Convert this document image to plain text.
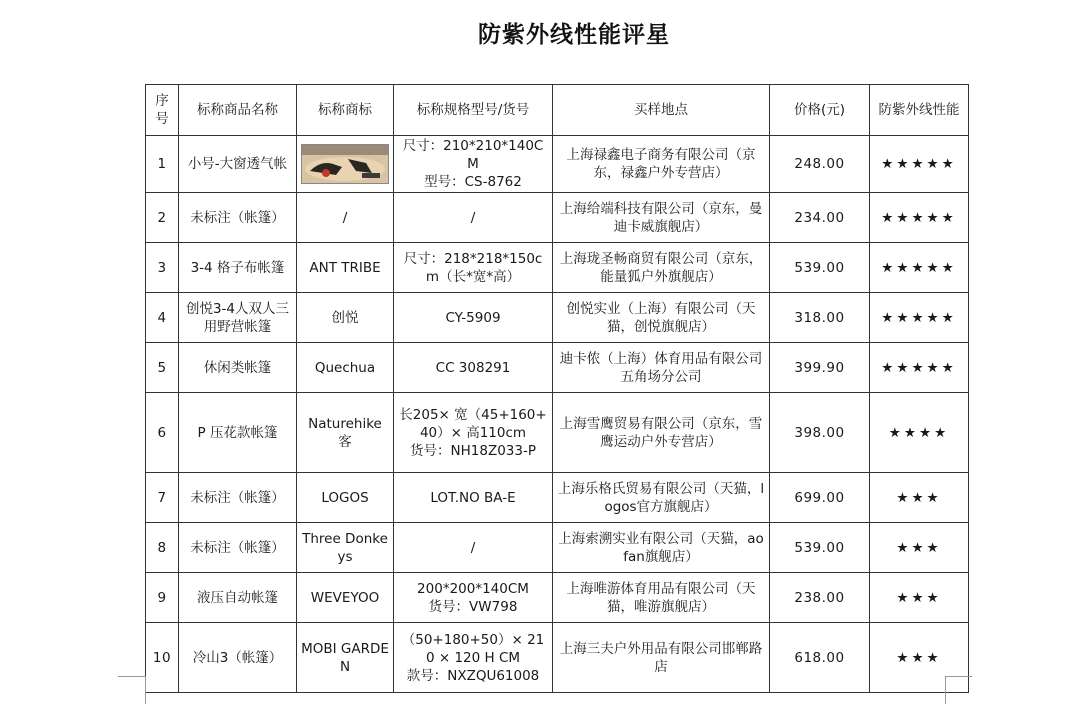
防紫外线性能评星
序号	标称商品名称	标称商标	标称规格型号/货号	买样地点	价格(元)	防紫外线性能
1	小号-大窗透气帐		尺寸：210*210*140CM
型号：CS-8762	上海禄鑫电子商务有限公司（京东，禄鑫户外专营店）	248.00	★★★★★
2	未标注（帐篷）	/	/	上海给端科技有限公司（京东，曼迪卡威旗舰店）	234.00	★★★★★
3	3-4 格子布帐篷	ANT TRIBE	尺寸：218*218*150cm（长*宽*高）	上海珑圣畅商贸有限公司（京东，能量狐户外旗舰店）	539.00	★★★★★
4	创悦3-4人双人三用野营帐篷	创悦	CY-5909	创悦实业（上海）有限公司（天猫，创悦旗舰店）	318.00	★★★★★
5	休闲类帐篷	Quechua	CC 308291	迪卡侬（上海）体育用品有限公司五角场分公司	399.90	★★★★★
6	P 压花款帐篷	Naturehike 客	长205× 宽（45+160+40）× 高110cm
货号：NH18Z033-P	上海雪鹰贸易有限公司（京东，雪鹰运动户外专营店）	398.00	★★★★
7	未标注（帐篷）	LOGOS	LOT.NO BA-E	上海乐格氏贸易有限公司（天猫，logos官方旗舰店）	699.00	★★★
8	未标注（帐篷）	Three Donkeys	/	上海索溯实业有限公司（天猫，aofan旗舰店）	539.00	★★★
9	液压自动帐篷	WEVEYOO	200*200*140CM
货号：VW798	上海唯游体育用品有限公司（天猫，唯游旗舰店）	238.00	★★★
10	冷山3（帐篷）	MOBI GARDEN	（50+180+50）× 210 × 120 H CM
款号：NXZQU61008	上海三夫户外用品有限公司邯郸路店	618.00	★★★
